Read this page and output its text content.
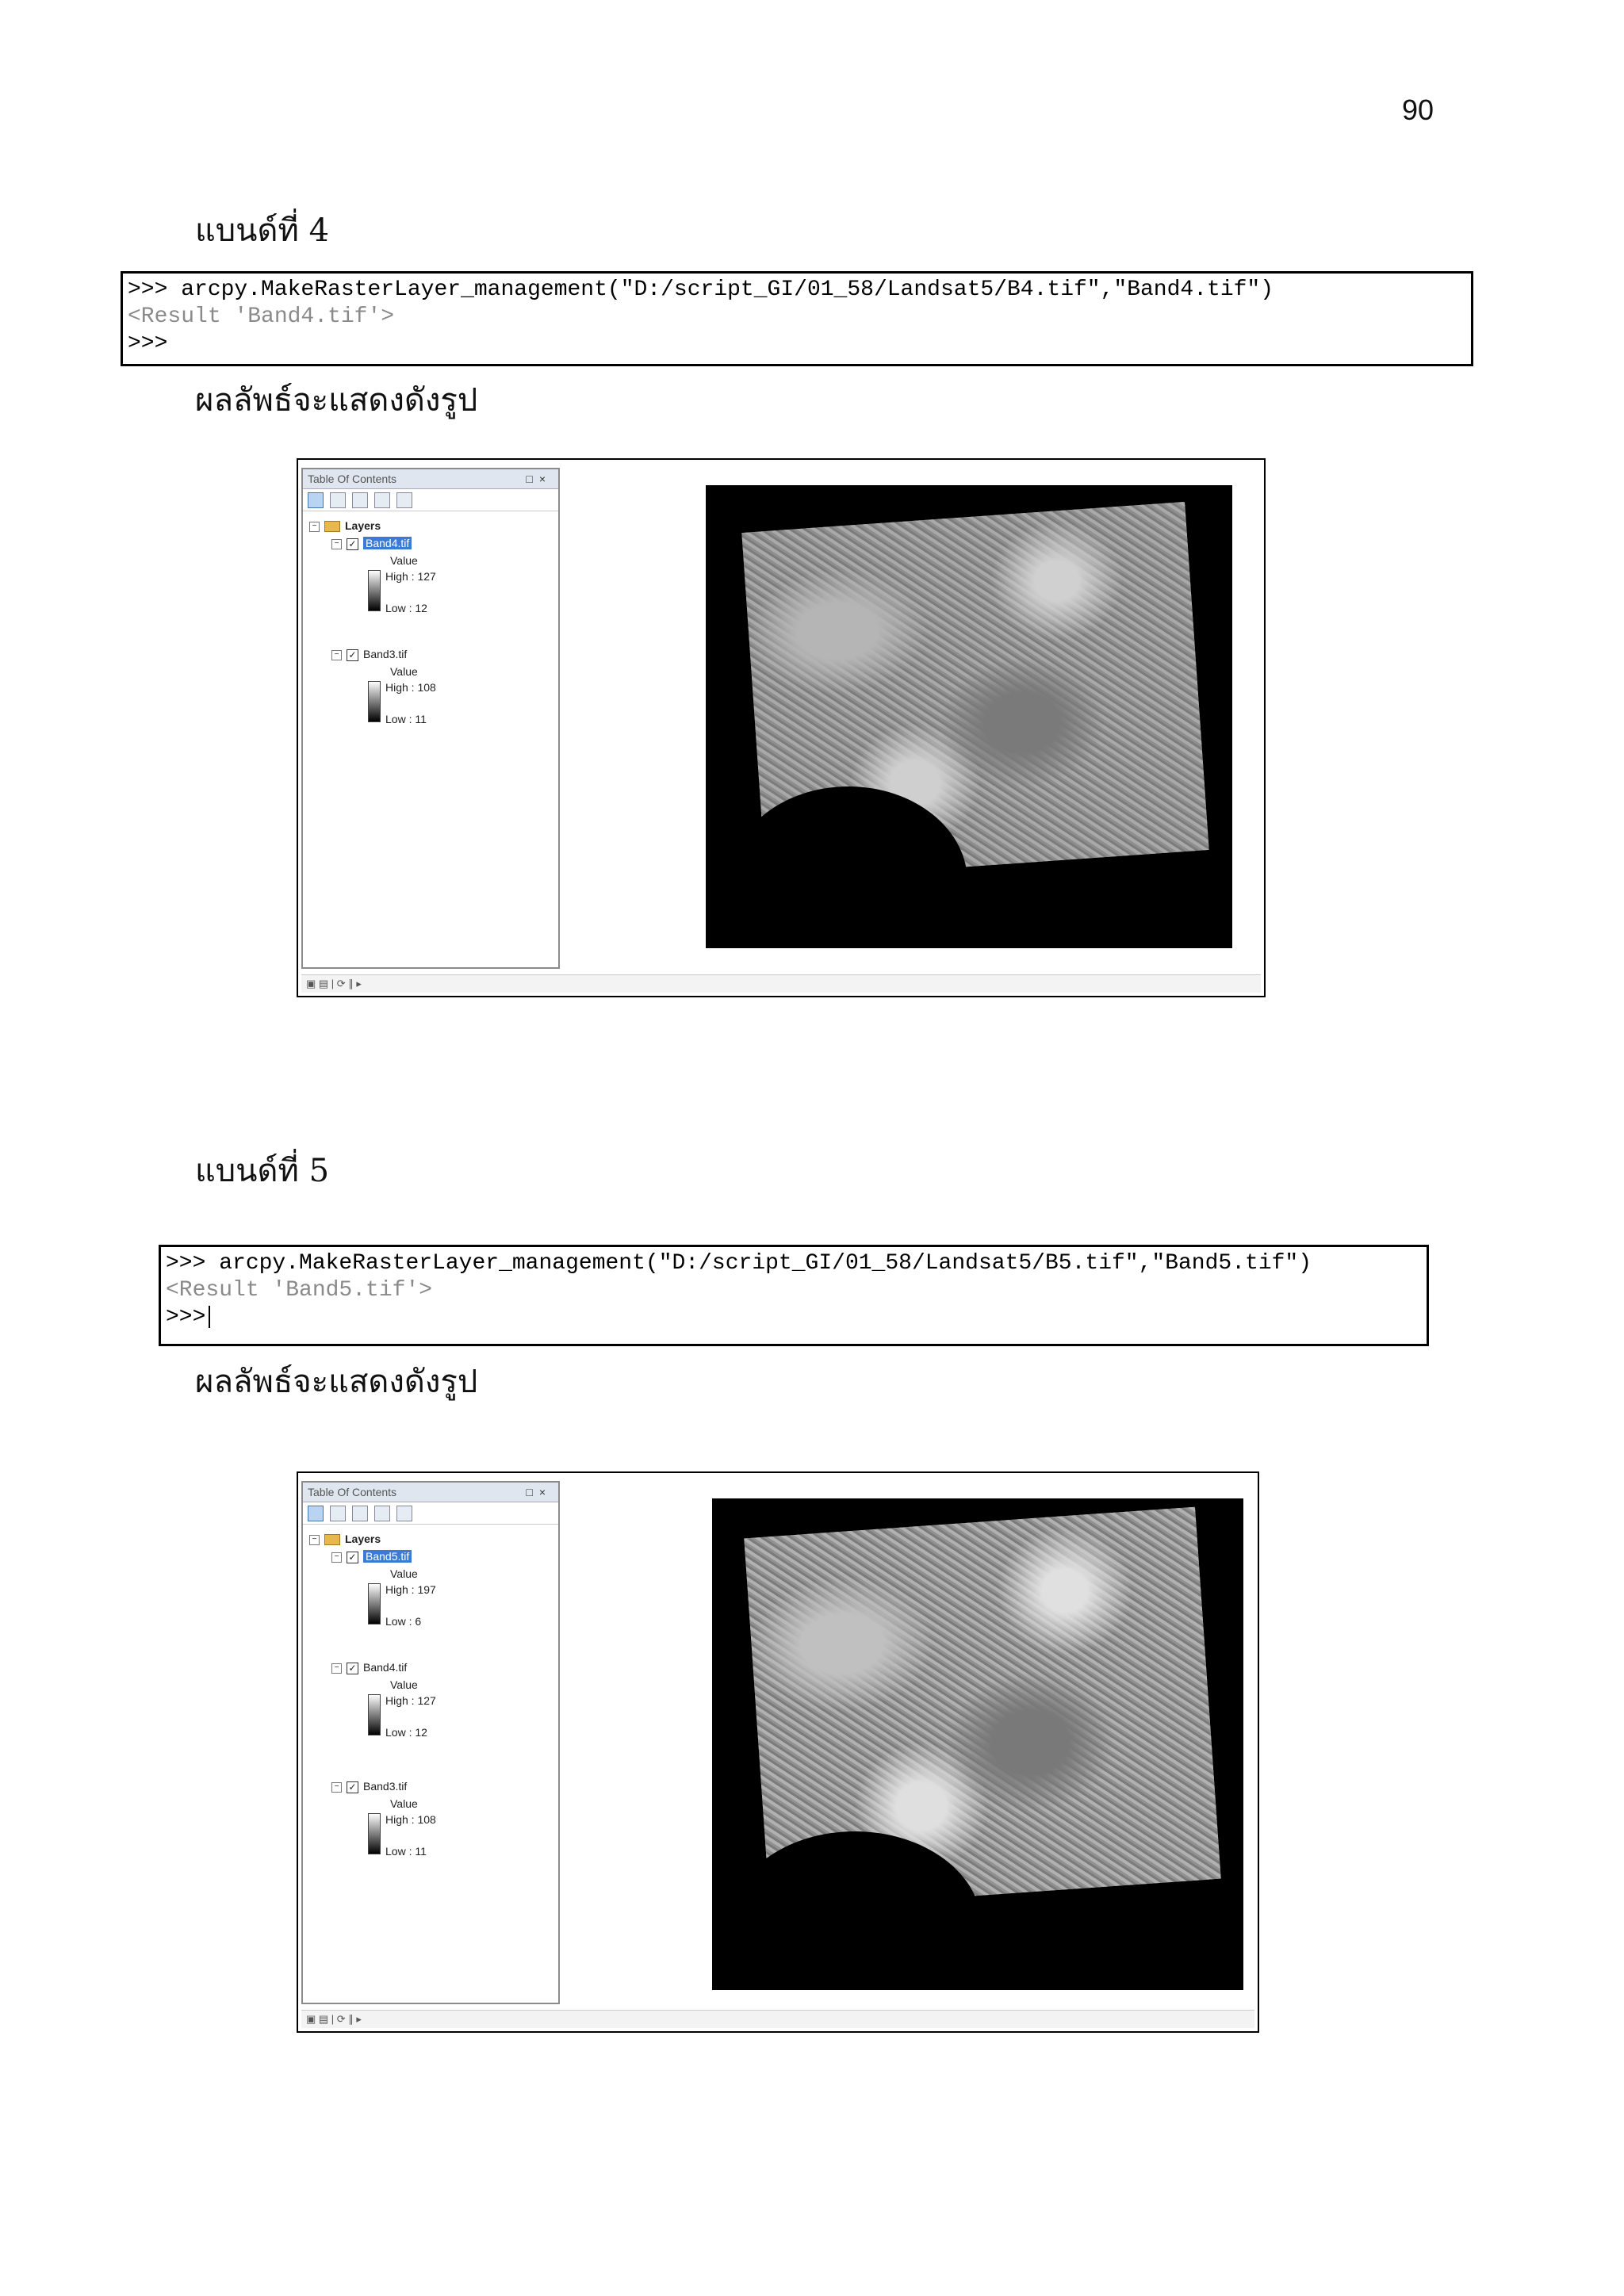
90
แบนด์ที่ 4
>>> arcpy.MakeRasterLayer_management("D:/script_GI/01_58/Landsat5/B4.tif","Band4.tif")
<Result 'Band4.tif'>
>>>
ผลลัพธ์จะแสดงดังรูป
Table Of Contents	□×
−	Layers
− ✓ Band4.tif
Value
High : 127
Low : 12
− ✓ Band3.tif
Value
High : 108
Low : 11
▣ ▤ | ⟳ ∥ ▸
แบนด์ที่ 5
>>> arcpy.MakeRasterLayer_management("D:/script_GI/01_58/Landsat5/B5.tif","Band5.tif")
<Result 'Band5.tif'>
>>>
ผลลัพธ์จะแสดงดังรูป
Table Of Contents	□×
−	Layers
− ✓ Band5.tif
Value
High : 197
Low : 6
− ✓ Band4.tif
Value
High : 127
Low : 12
− ✓ Band3.tif
Value
High : 108
Low : 11
▣ ▤ | ⟳ ∥ ▸
